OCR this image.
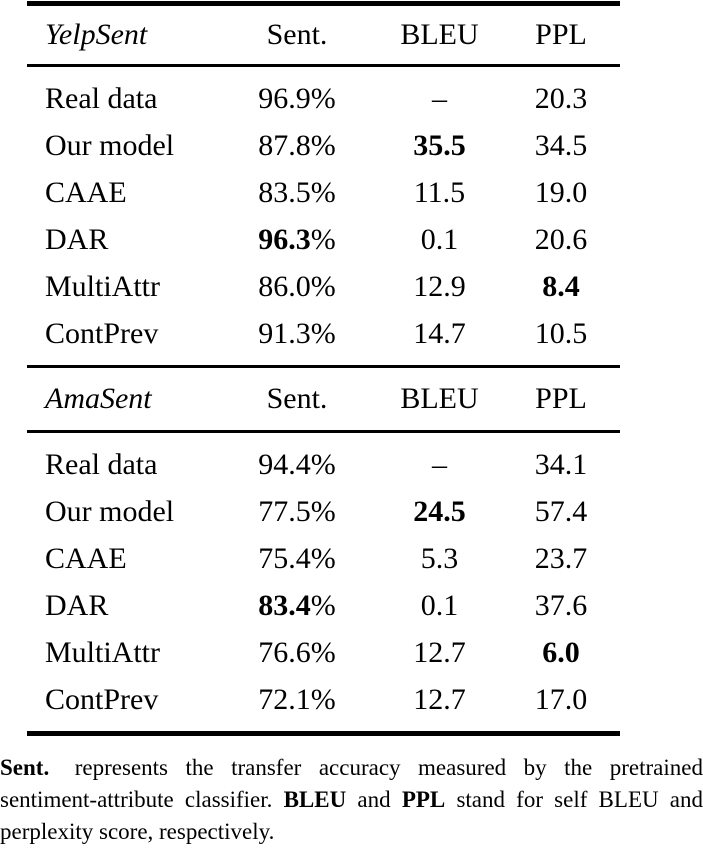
YelpSent	Sent.	BLEU	PPL
Real data	96.9%	–	20.3
Our model	87.8%	35.5	34.5
CAAE	83.5%	11.5	19.0
DAR	96.3%	0.1	20.6
MultiAttr	86.0%	12.9	8.4
ContPrev	91.3%	14.7	10.5
AmaSent	Sent.	BLEU	PPL
Real data	94.4%	–	34.1
Our model	77.5%	24.5	57.4
CAAE	75.4%	5.3	23.7
DAR	83.4%	0.1	37.6
MultiAttr	76.6%	12.7	6.0
ContPrev	72.1%	12.7	17.0

Sent. represents the transfer accuracy measured by the pretrained sentiment-attribute classifier. BLEU and PPL stand for self BLEU and perplexity score, respectively.
